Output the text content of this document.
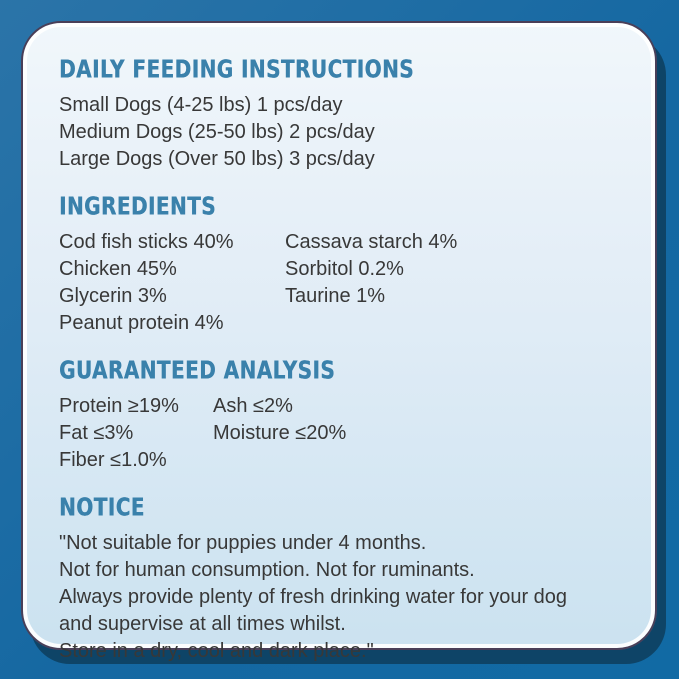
DAILY FEEDING INSTRUCTIONS
Small Dogs (4-25 lbs) 1 pcs/day
Medium Dogs (25-50 lbs) 2 pcs/day
Large Dogs (Over 50 lbs) 3 pcs/day
INGREDIENTS
Cod fish sticks 40%
Chicken 45%
Glycerin 3%
Peanut protein 4%
Cassava starch 4%
Sorbitol 0.2%
Taurine 1%
GUARANTEED ANALYSIS
Protein ≥19%
Fat ≤3%
Fiber ≤1.0%
Ash ≤2%
Moisture ≤20%
NOTICE
"Not suitable for puppies under 4 months.
Not for human consumption. Not for ruminants.
Always provide plenty of fresh drinking water for your dog
and supervise at all times whilst.
Store in a dry, cool and dark place."
